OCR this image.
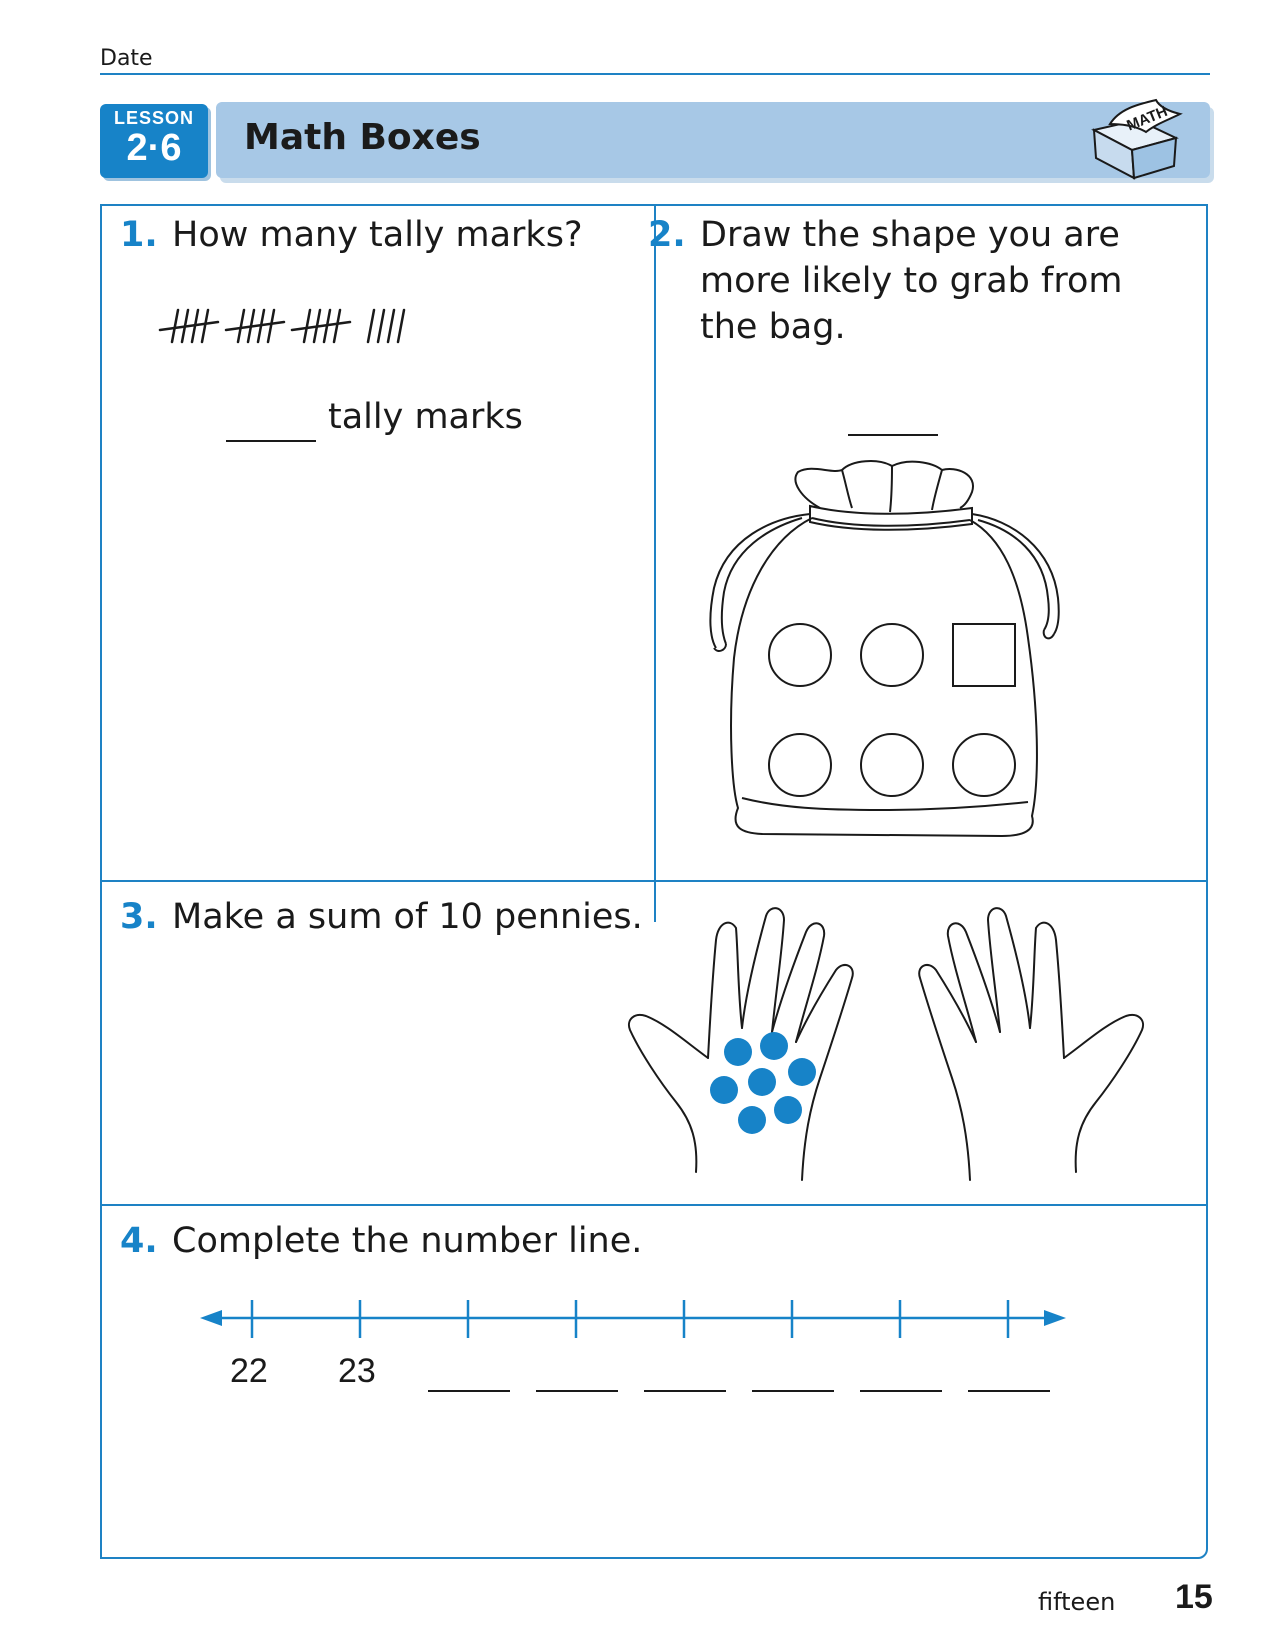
Date
LESSON
2·6	Math Boxes	MATH
1. How many tally marks?
tally marks
2. Draw the shape you are more likely to grab from the bag.
3. Make a sum of 10 pennies.
4. Complete the number line.
22 23
fifteen 15
